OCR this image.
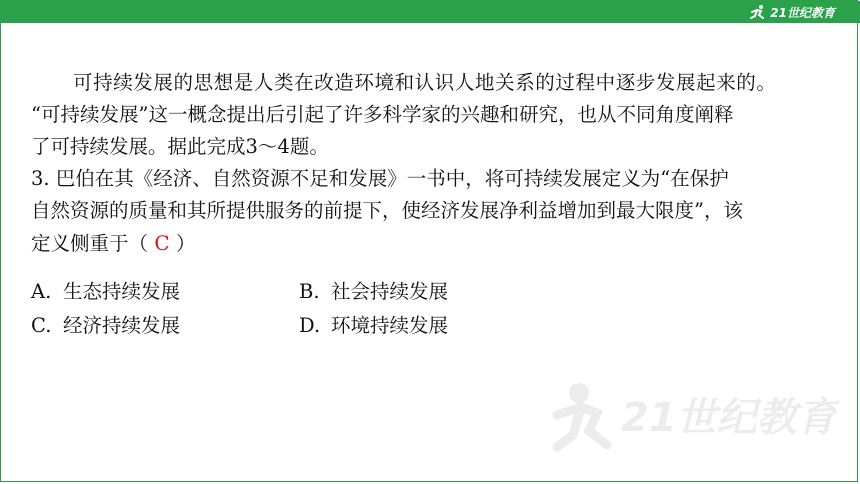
21世纪教育

可持续发展的思想是人类在改造环境和认识人地关系的过程中逐步发展起来的。
“可持续发展”这一概念提出后引起了许多科学家的兴趣和研究，也从不同角度阐释
了可持续发展。据此完成3～4题。

3. 巴伯在其《经济、自然资源不足和发展》一书中，将可持续发展定义为“在保护
自然资源的质量和其所提供服务的前提下，使经济发展净利益增加到最大限度”，该
定义侧重于（ C ）

A. 生态持续发展	B. 社会持续发展
C. 经济持续发展	D. 环境持续发展
21世纪教育
